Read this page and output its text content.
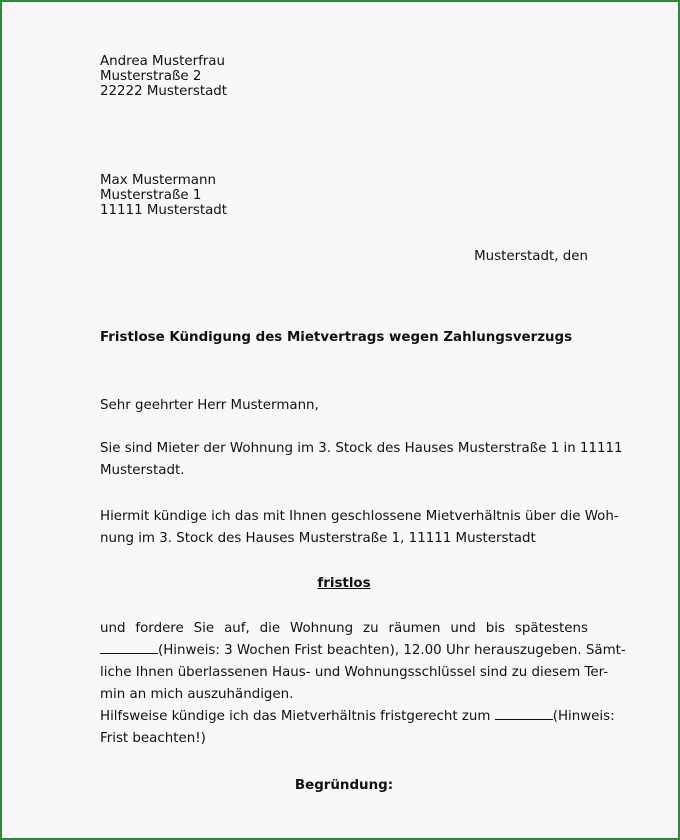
Andrea Musterfrau
Musterstraße 2
22222 Musterstadt
Max Mustermann
Musterstraße 1
11111 Musterstadt
Musterstadt, den
Fristlose Kündigung des Mietvertrags wegen Zahlungsverzugs
Sehr geehrter Herr Mustermann,
Sie sind Mieter der Wohnung im 3. Stock des Hauses Musterstraße 1 in 11111
Musterstadt.
Hiermit kündige ich das mit Ihnen geschlossene Mietverhältnis über die Woh-
nung im 3. Stock des Hauses Musterstraße 1, 11111 Musterstadt
fristlos
und fordere Sie auf, die Wohnung zu räumen und bis spätestens
(Hinweis: 3 Wochen Frist beachten), 12.00 Uhr herauszugeben. Sämt-
liche Ihnen überlassenen Haus- und Wohnungsschlüssel sind zu diesem Ter-
min an mich auszuhändigen.
Hilfsweise kündige ich das Mietverhältnis fristgerecht zum	(Hinweis:
Frist beachten!)
Begründung:
